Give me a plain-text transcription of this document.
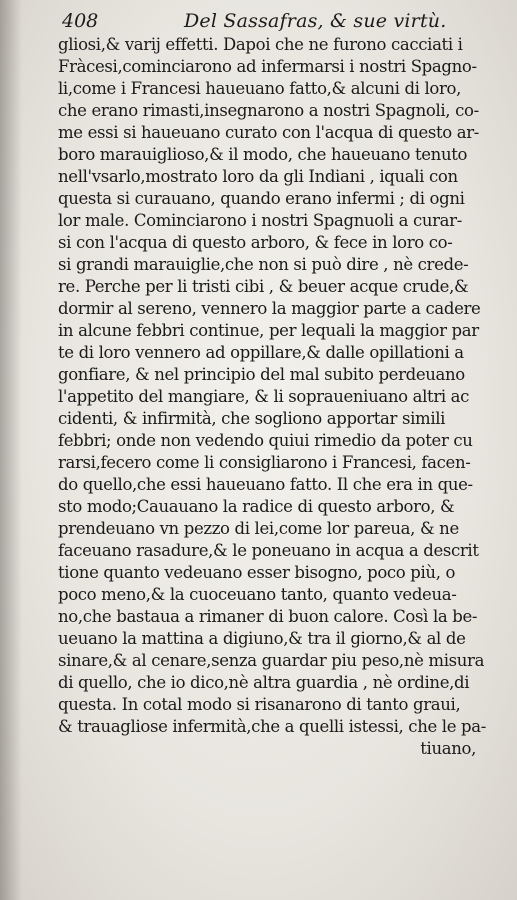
408	Del Sassafras, & sue virtù.
gliosi,& varij effetti. Dapoi che ne furono cacciati i
Fràcesi,cominciarono ad infermarsi i nostri Spagno-
li,come i Francesi haueuano fatto,& alcuni di loro,
che erano rimasti,insegnarono a nostri Spagnoli, co-
me essi si haueuano curato con l'acqua di questo ar-
boro marauiglioso,& il modo, che haueuano tenuto
nell'vsarlo,mostrato loro da gli Indiani , iquali con
questa si curauano, quando erano infermi ; di ogni
lor male. Cominciarono i nostri Spagnuoli a curar-
si con l'acqua di questo arboro, & fece in loro co-
si grandi marauiglie,che non si può dire , nè crede-
re. Perche per li tristi cibi , & beuer acque crude,&
dormir al sereno, vennero la maggior parte a cadere
in alcune febbri continue, per lequali la maggior par
te di loro vennero ad oppillare,& dalle opillationi a
gonfiare, & nel principio del mal subito perdeuano
l'appetito del mangiare, & li sopraueniuano altri ac
cidenti, & infirmità, che sogliono apportar simili
febbri; onde non vedendo quiui rimedio da poter cu
rarsi,fecero come li consigliarono i Francesi, facen-
do quello,che essi haueuano fatto. Il che era in que-
sto modo;Cauauano la radice di questo arboro, &
prendeuano vn pezzo di lei,come lor pareua, & ne
faceuano rasadure,& le poneuano in acqua a descrit
tione quanto vedeuano esser bisogno, poco più, o
poco meno,& la cuoceuano tanto, quanto vedeua-
no,che bastaua a rimaner di buon calore. Così la be-
ueuano la mattina a digiuno,& tra il giorno,& al de
sinare,& al cenare,senza guardar piu peso,nè misura
di quello, che io dico,nè altra guardia , nè ordine,di
questa. In cotal modo si risanarono di tanto graui,
& trauagliose infermità,che a quelli istessi, che le pa-
tiuano,
